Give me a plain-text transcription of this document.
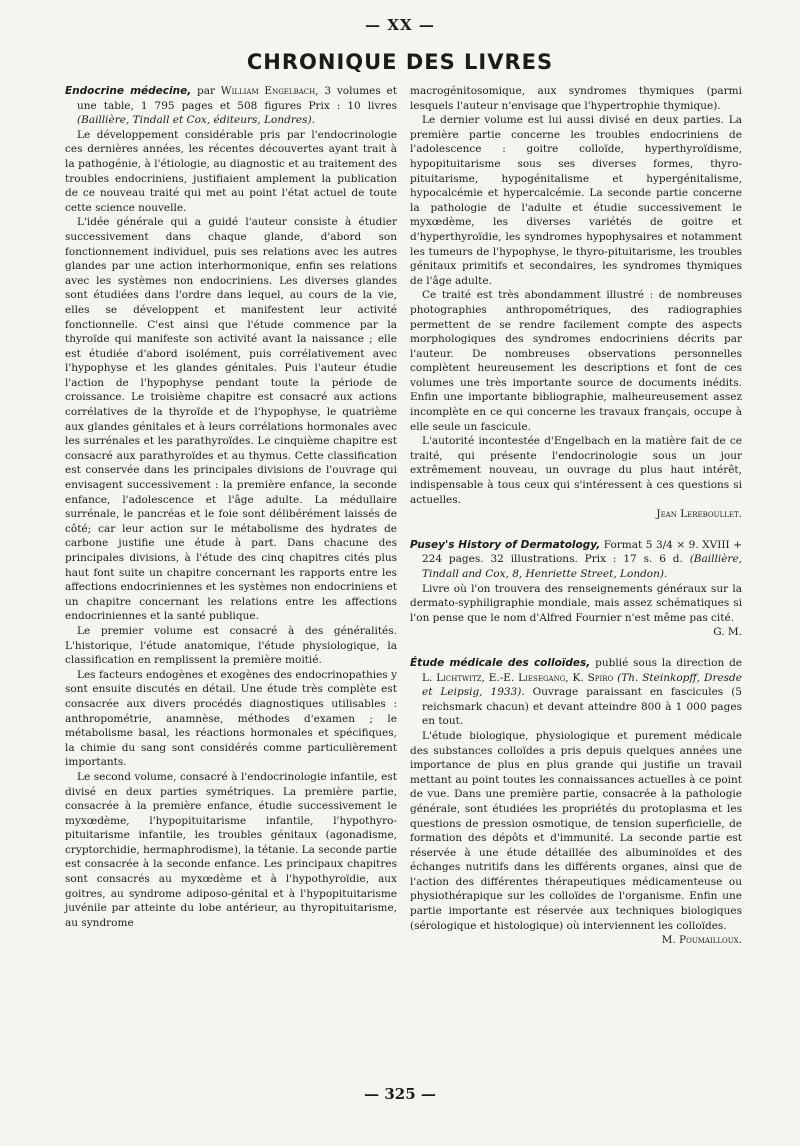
— XX —
CHRONIQUE DES LIVRES

Endocrine médecine, par William Engelbach, 3 volumes et une table, 1 795 pages et 508 figures Prix : 10 livres (Baillière, Tindall et Cox, éditeurs, Londres).

Le développement considérable pris par l'endocrinologie ces dernières années, les récentes découvertes ayant trait à la pathogénie, à l'étiologie, au diagnostic et au traitement des troubles endocriniens, justifiaient amplement la publication de ce nouveau traité qui met au point l'état actuel de toute cette science nouvelle.

L'idée générale qui a guidé l'auteur consiste à étudier successivement dans chaque glande, d'abord son fonctionnement individuel, puis ses relations avec les autres glandes par une action interhormonique, enfin ses relations avec les systèmes non endocriniens. Les diverses glandes sont étudiées dans l'ordre dans lequel, au cours de la vie, elles se développent et manifestent leur activité fonctionnelle. C'est ainsi que l'étude commence par la thyroïde qui manifeste son activité avant la naissance ; elle est étudiée d'abord isolément, puis corrélativement avec l'hypophyse et les glandes génitales. Puis l'auteur étudie l'action de l'hypophyse pendant toute la période de croissance. Le troisième chapitre est consacré aux actions corrélatives de la thyroïde et de l'hypophyse, le quatrième aux glandes génitales et à leurs corrélations hormonales avec les surrénales et les parathyroïdes. Le cinquième chapitre est consacré aux parathyroïdes et au thymus. Cette classification est conservée dans les principales divisions de l'ouvrage qui envisagent successivement : la première enfance, la seconde enfance, l'adolescence et l'âge adulte. La médullaire surrénale, le pancréas et le foie sont délibérément laissés de côté; car leur action sur le métabolisme des hydrates de carbone justifie une étude à part. Dans chacune des principales divisions, à l'étude des cinq chapitres cités plus haut font suite un chapitre concernant les rapports entre les affections endocriniennes et les systèmes non endocriniens et un chapitre concernant les relations entre les affections endocriniennes et la santé publique.

Le premier volume est consacré à des généralités. L'historique, l'étude anatomique, l'étude physiologique, la classification en remplissent la première moitié.

Les facteurs endogènes et exogènes des endocrinopathies y sont ensuite discutés en détail. Une étude très complète est consacrée aux divers procédés diagnostiques utilisables : anthropométrie, anamnèse, méthodes d'examen ; le métabolisme basal, les réactions hormonales et spécifiques, la chimie du sang sont considérés comme particulièrement importants.

Le second volume, consacré à l'endocrinologie infantile, est divisé en deux parties symétriques. La première partie, consacrée à la première enfance, étudie successivement le myxœdème, l'hypopituitarisme infantile, l'hypothyro-pituitarisme infantile, les troubles génitaux (agonadisme, cryptorchidie, hermaphrodisme), la tétanie. La seconde partie est consacrée à la seconde enfance. Les principaux chapitres sont consacrés au myxœdème et à l'hypothyroïdie, aux goitres, au syndrome adiposo-génital et à l'hypopituitarisme juvénile par atteinte du lobe antérieur, au thyropituitarisme, au syndrome

macrogénitosomique, aux syndromes thymiques (parmi lesquels l'auteur n'envisage que l'hypertrophie thymique).

Le dernier volume est lui aussi divisé en deux parties. La première partie concerne les troubles endocriniens de l'adolescence : goitre colloïde, hyperthyroïdisme, hypopituitarisme sous ses diverses formes, thyro-pituitarisme, hypogénitalisme et hypergénitalisme, hypocalcémie et hypercalcémie. La seconde partie concerne la pathologie de l'adulte et étudie successivement le myxœdème, les diverses variétés de goitre et d'hyperthyroïdie, les syndromes hypophysaires et notamment les tumeurs de l'hypophyse, le thyro-pituitarisme, les troubles génitaux primitifs et secondaires, les syndromes thymiques de l'âge adulte.

Ce traité est très abondamment illustré : de nombreuses photographies anthropométriques, des radiographies permettent de se rendre facilement compte des aspects morphologiques des syndromes endocriniens décrits par l'auteur. De nombreuses observations personnelles complètent heureusement les descriptions et font de ces volumes une très importante source de documents inédits. Enfin une importante bibliographie, malheureusement assez incomplète en ce qui concerne les travaux français, occupe à elle seule un fascicule.

L'autorité incontestée d'Engelbach en la matière fait de ce traité, qui présente l'endocrinologie sous un jour extrêmement nouveau, un ouvrage du plus haut intérêt, indispensable à tous ceux qui s'intéressent à ces questions si actuelles.

Jean Lereboullet.

Pusey's History of Dermatology, Format 5 3/4 × 9. XVIII + 224 pages. 32 illustrations. Prix : 17 s. 6 d. (Baillière, Tindall and Cox, 8, Henriette Street, London).

Livre où l'on trouvera des renseignements généraux sur la dermato-syphiligraphie mondiale, mais assez schématiques si l'on pense que le nom d'Alfred Fournier n'est même pas cité.

G. M.

Étude médicale des colloïdes, publié sous la direction de L. Lichtwitz, E.-E. Liesegang, K. Spiro (Th. Steinkopff, Dresde et Leipsig, 1933). Ouvrage paraissant en fascicules (5 reichsmark chacun) et devant atteindre 800 à 1 000 pages en tout.

L'étude biologique, physiologique et purement médicale des substances colloïdes a pris depuis quelques années une importance de plus en plus grande qui justifie un travail mettant au point toutes les connaissances actuelles à ce point de vue. Dans une première partie, consacrée à la pathologie générale, sont étudiées les propriétés du protoplasma et les questions de pression osmotique, de tension superficielle, de formation des dépôts et d'immunité. La seconde partie est réservée à une étude détaillée des albuminoïdes et des échanges nutritifs dans les différents organes, ainsi que de l'action des différentes thérapeutiques médicamenteuse ou physiothérapique sur les colloïdes de l'organisme. Enfin une partie importante est réservée aux techniques biologiques (sérologique et histologique) où interviennent les colloïdes.

M. Poumailloux.
— 325 —
